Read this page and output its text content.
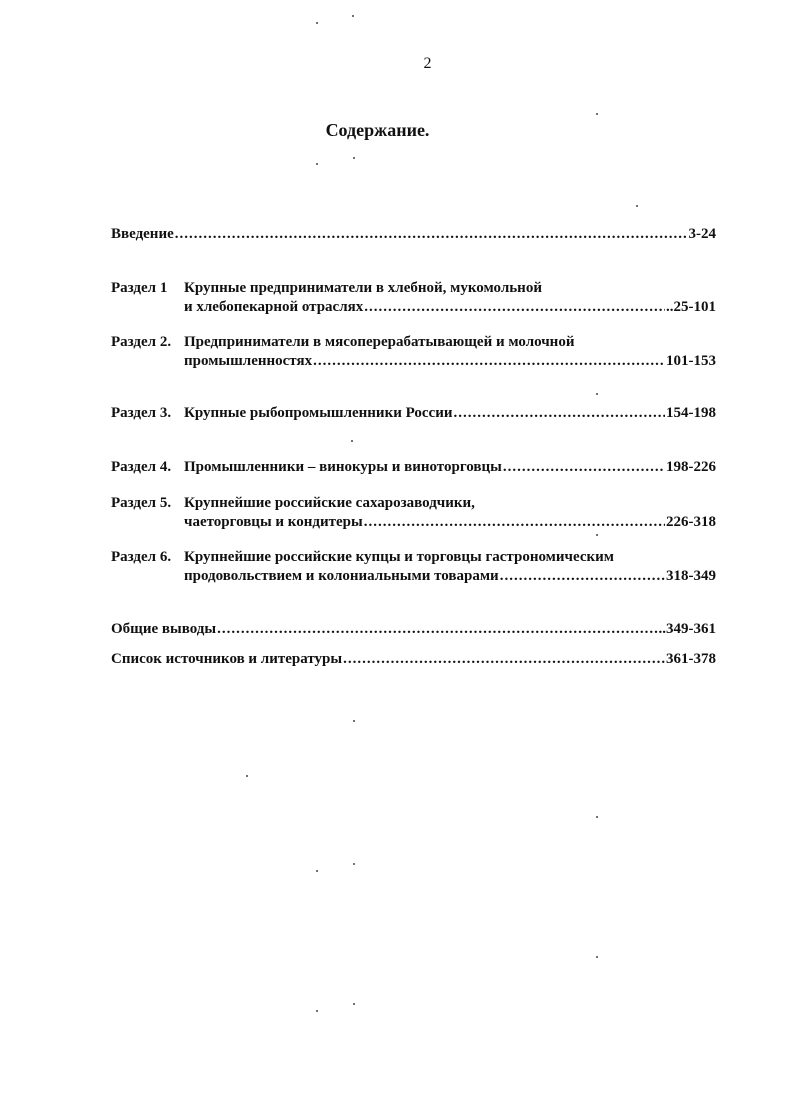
2
Содержание.
Введение .....	3-24
Раздел 1	Крупные предприниматели в хлебной, мукомольной
и хлебопекарной отраслях .....	..25-101
Раздел 2. Предприниматели в мясоперерабатывающей и молочной
промышленностях .....	101-153
Раздел 3. Крупные рыбопромышленники России .....	154-198
Раздел 4. Промышленники – винокуры и виноторговцы .....	198-226
Раздел 5. Крупнейшие российские сахарозаводчики,
чаеторговцы и кондитеры .....	226-318
Раздел 6. Крупнейшие российские купцы и торговцы гастрономическим
продовольствием и колониальными товарами .....	318-349
Общие выводы .....	..349-361
Список источников и литературы .....	361-378
